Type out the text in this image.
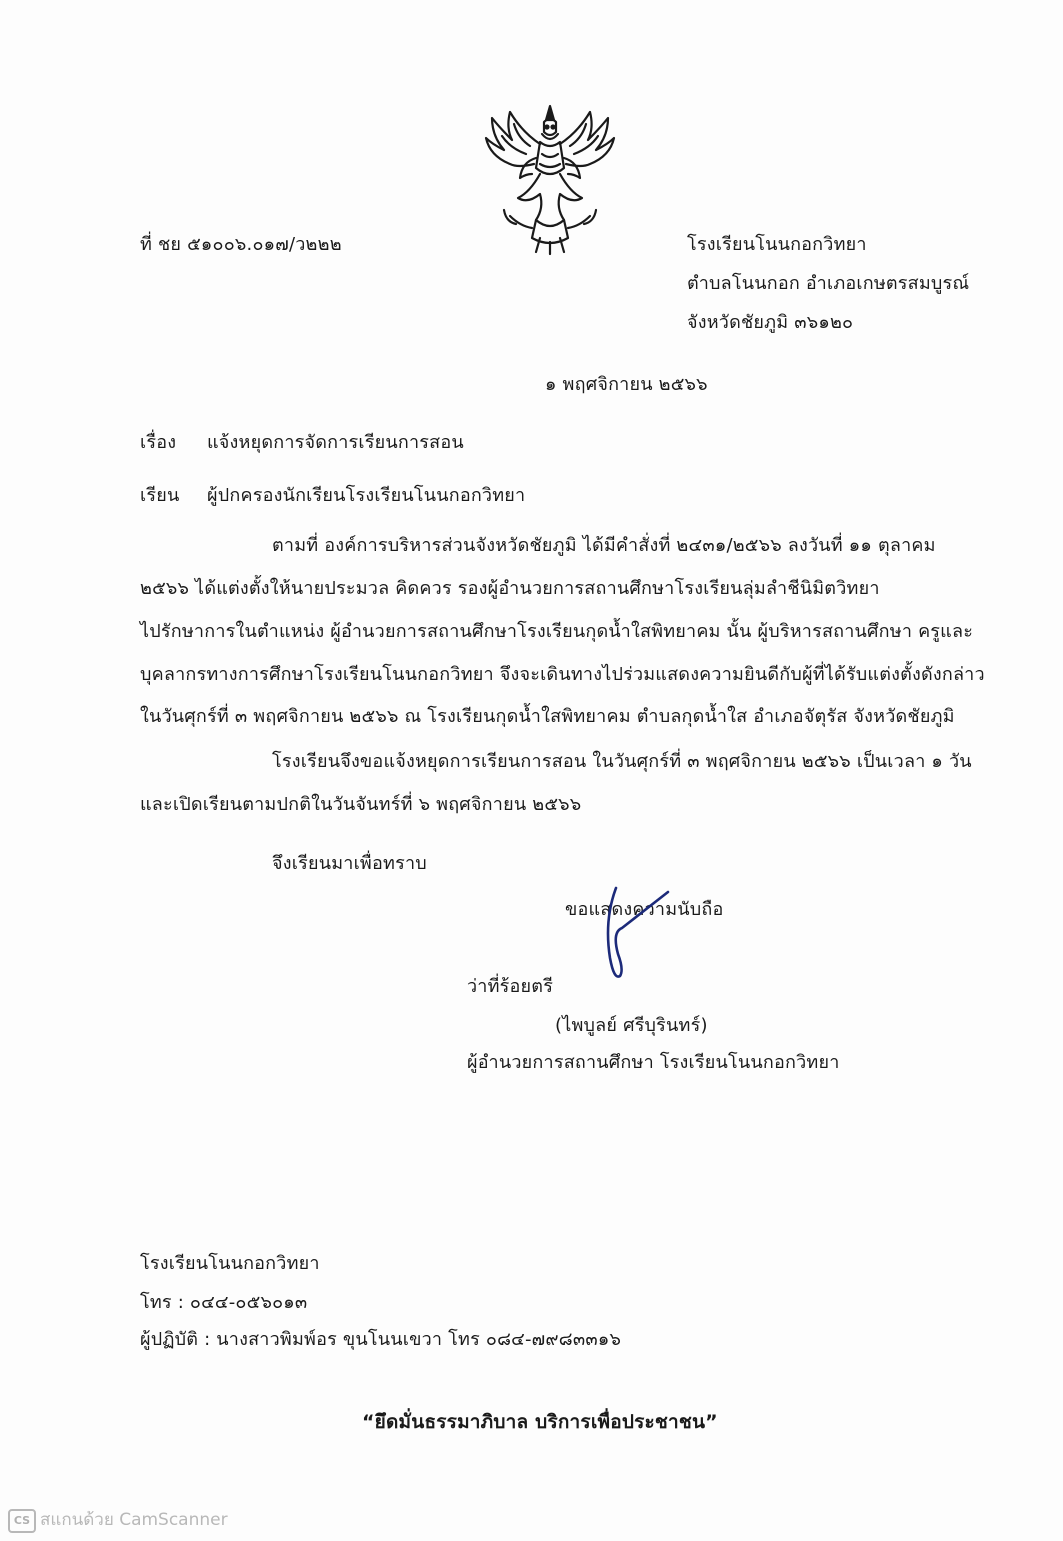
ที่ ชย ๕๑๐๐๖.๐๑๗/ว๒๒๒	โรงเรียนโนนกอกวิทยา
ตำบลโนนกอก อำเภอเกษตรสมบูรณ์
จังหวัดชัยภูมิ ๓๖๑๒๐
๑ พฤศจิกายน ๒๕๖๖
เรื่อง แจ้งหยุดการจัดการเรียนการสอน
เรียน ผู้ปกครองนักเรียนโรงเรียนโนนกอกวิทยา
ตามที่ องค์การบริหารส่วนจังหวัดชัยภูมิ ได้มีคำสั่งที่ ๒๔๓๑/๒๕๖๖ ลงวันที่ ๑๑ ตุลาคม
๒๕๖๖ ได้แต่งตั้งให้นายประมวล คิดควร รองผู้อำนวยการสถานศึกษาโรงเรียนลุ่มลำชีนิมิตวิทยา
ไปรักษาการในตำแหน่ง ผู้อำนวยการสถานศึกษาโรงเรียนกุดน้ำใสพิทยาคม นั้น ผู้บริหารสถานศึกษา ครูและ
บุคลากรทางการศึกษาโรงเรียนโนนกอกวิทยา จึงจะเดินทางไปร่วมแสดงความยินดีกับผู้ที่ได้รับแต่งตั้งดังกล่าว
ในวันศุกร์ที่ ๓ พฤศจิกายน ๒๕๖๖ ณ โรงเรียนกุดน้ำใสพิทยาคม ตำบลกุดน้ำใส อำเภอจัตุรัส จังหวัดชัยภูมิ
โรงเรียนจึงขอแจ้งหยุดการเรียนการสอน ในวันศุกร์ที่ ๓ พฤศจิกายน ๒๕๖๖ เป็นเวลา ๑ วัน
และเปิดเรียนตามปกติในวันจันทร์ที่ ๖ พฤศจิกายน ๒๕๖๖
จึงเรียนมาเพื่อทราบ
ขอแสดงความนับถือ
ว่าที่ร้อยตรี
(ไพบูลย์ ศรีบุรินทร์)
ผู้อำนวยการสถานศึกษา โรงเรียนโนนกอกวิทยา
โรงเรียนโนนกอกวิทยา
โทร : ๐๔๔-๐๕๖๐๑๓
ผู้ปฏิบัติ : นางสาวพิมพ์อร ขุนโนนเขวา โทร ๐๘๔-๗๙๘๓๓๑๖
“ยึดมั่นธรรมาภิบาล บริการเพื่อประชาชน”
CS สแกนด้วย CamScanner
